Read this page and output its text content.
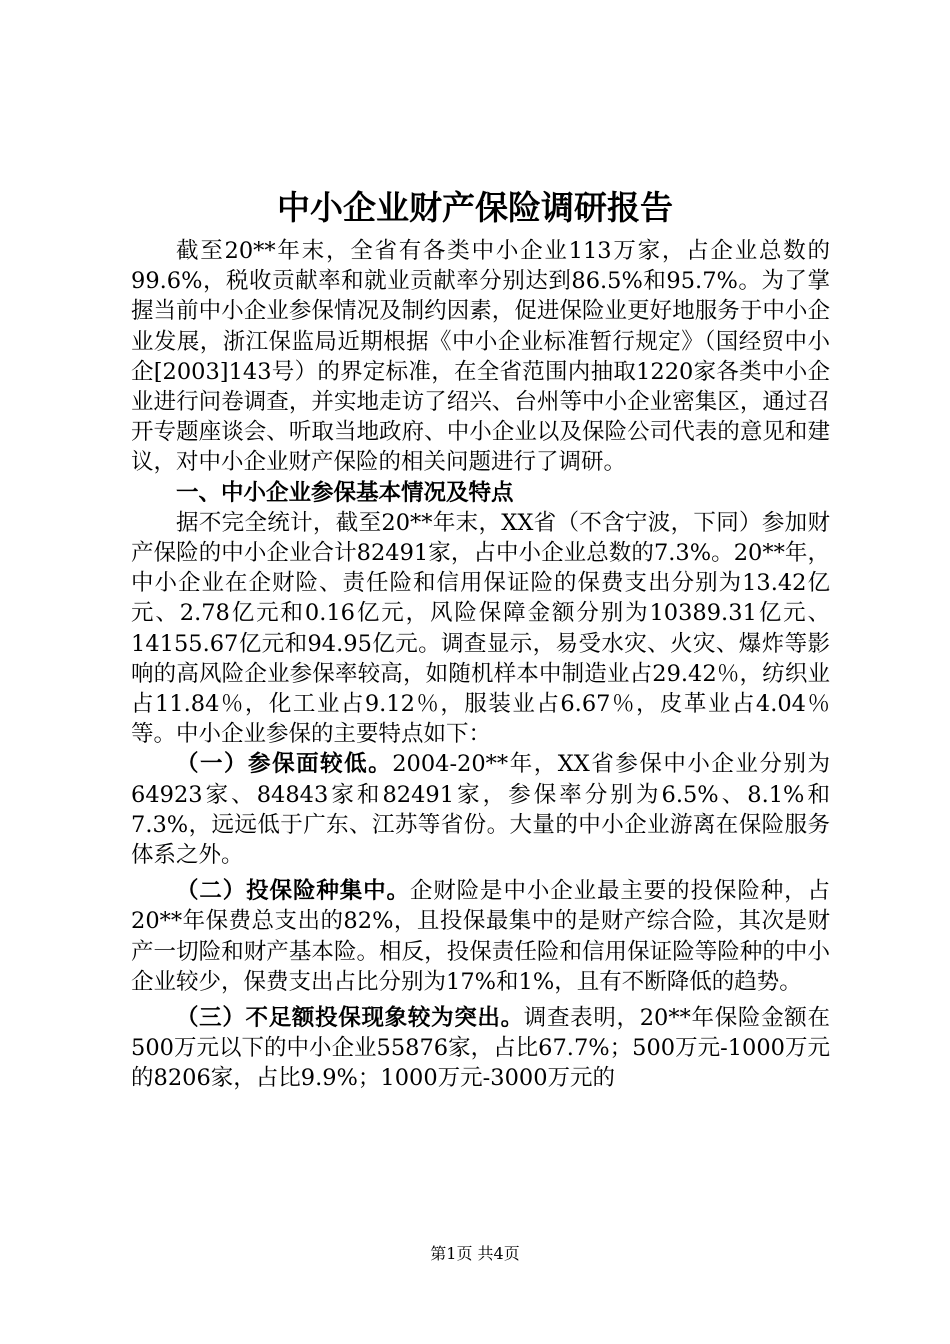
中小企业财产保险调研报告

截至20**年末，全省有各类中小企业113万家，占企业总数的99.6%，税收贡献率和就业贡献率分别达到86.5%和95.7%。为了掌握当前中小企业参保情况及制约因素，促进保险业更好地服务于中小企业发展，浙江保监局近期根据《中小企业标准暂行规定》（国经贸中小企[2003]143号）的界定标准，在全省范围内抽取1220家各类中小企业进行问卷调查，并实地走访了绍兴、台州等中小企业密集区，通过召开专题座谈会、听取当地政府、中小企业以及保险公司代表的意见和建议，对中小企业财产保险的相关问题进行了调研。

一、中小企业参保基本情况及特点

据不完全统计，截至20**年末，XX省（不含宁波，下同）参加财产保险的中小企业合计82491家，占中小企业总数的7.3%。20**年，中小企业在企财险、责任险和信用保证险的保费支出分别为13.42亿元、2.78亿元和0.16亿元，风险保障金额分别为10389.31亿元、14155.67亿元和94.95亿元。调查显示，易受水灾、火灾、爆炸等影响的高风险企业参保率较高，如随机样本中制造业占29.42％，纺织业占11.84％，化工业占9.12％，服装业占6.67％，皮革业占4.04％等。中小企业参保的主要特点如下：

（一）参保面较低。2004-20**年，XX省参保中小企业分别为64923家、84843家和82491家，参保率分别为6.5%、8.1%和7.3%，远远低于广东、江苏等省份。大量的中小企业游离在保险服务体系之外。

（二）投保险种集中。企财险是中小企业最主要的投保险种，占20**年保费总支出的82%，且投保最集中的是财产综合险，其次是财产一切险和财产基本险。相反，投保责任险和信用保证险等险种的中小企业较少，保费支出占比分别为17%和1%，且有不断降低的趋势。

（三）不足额投保现象较为突出。调查表明，20**年保险金额在500万元以下的中小企业55876家，占比67.7%；500万元-1000万元的8206家，占比9.9%；1000万元-3000万元的

第1页 共4页
